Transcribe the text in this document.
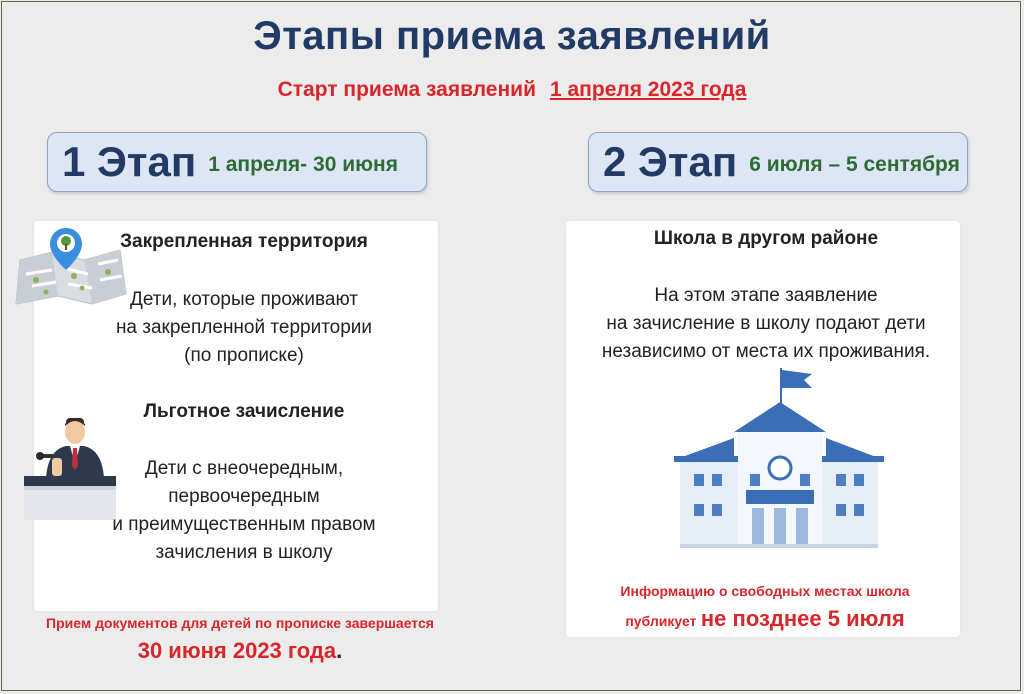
Этапы приема заявлений
Старт приема заявлений 1 апреля 2023 года
1 Этап 1 апреля- 30 июня	2 Этап 6 июля – 5 сентября
Закрепленная территория
Дети, которые проживают
на закрепленной территории
(по прописке)
Льготное зачисление
Дети с внеочередным,
первоочередным
и преимущественным правом
зачисления в школу
Прием документов для детей по прописке завершается
30 июня 2023 года.
Школа в другом районе
На этом этапе заявление
на зачисление в школу подают дети
независимо от места их проживания.
Информацию о свободных местах школа
публикует не позднее 5 июля
